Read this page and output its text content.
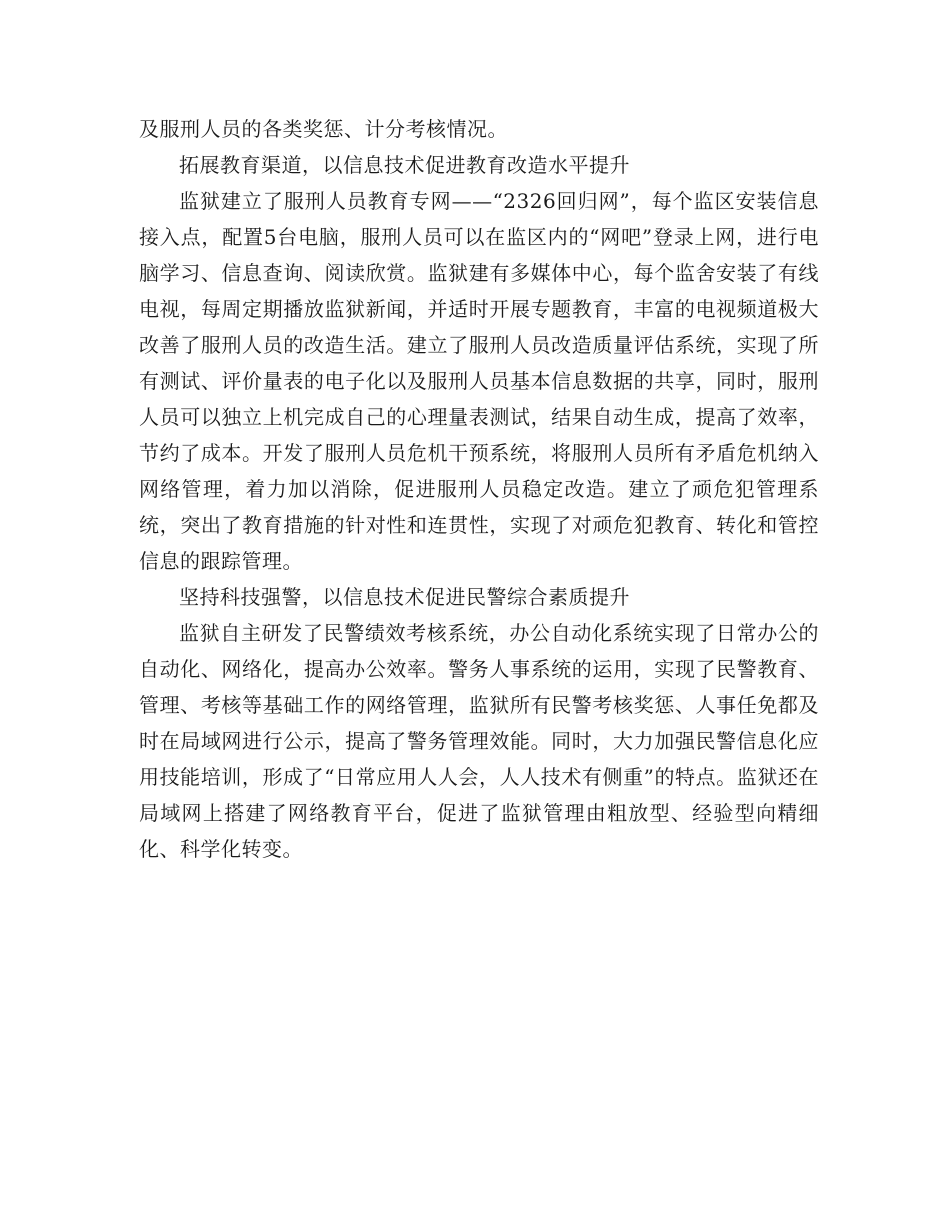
及服刑人员的各类奖惩、计分考核情况。

拓展教育渠道，以信息技术促进教育改造水平提升

监狱建立了服刑人员教育专网——“2326回归网”，每个监区安装信息接入点，配置5台电脑，服刑人员可以在监区内的“网吧”登录上网，进行电脑学习、信息查询、阅读欣赏。监狱建有多媒体中心，每个监舍安装了有线电视，每周定期播放监狱新闻，并适时开展专题教育，丰富的电视频道极大改善了服刑人员的改造生活。建立了服刑人员改造质量评估系统，实现了所有测试、评价量表的电子化以及服刑人员基本信息数据的共享，同时，服刑人员可以独立上机完成自己的心理量表测试，结果自动生成，提高了效率，节约了成本。开发了服刑人员危机干预系统，将服刑人员所有矛盾危机纳入网络管理，着力加以消除，促进服刑人员稳定改造。建立了顽危犯管理系统，突出了教育措施的针对性和连贯性，实现了对顽危犯教育、转化和管控信息的跟踪管理。

坚持科技强警，以信息技术促进民警综合素质提升

监狱自主研发了民警绩效考核系统，办公自动化系统实现了日常办公的自动化、网络化，提高办公效率。警务人事系统的运用，实现了民警教育、管理、考核等基础工作的网络管理，监狱所有民警考核奖惩、人事任免都及时在局域网进行公示，提高了警务管理效能。同时，大力加强民警信息化应用技能培训，形成了“日常应用人人会，人人技术有侧重”的特点。监狱还在局域网上搭建了网络教育平台，促进了监狱管理由粗放型、经验型向精细化、科学化转变。
